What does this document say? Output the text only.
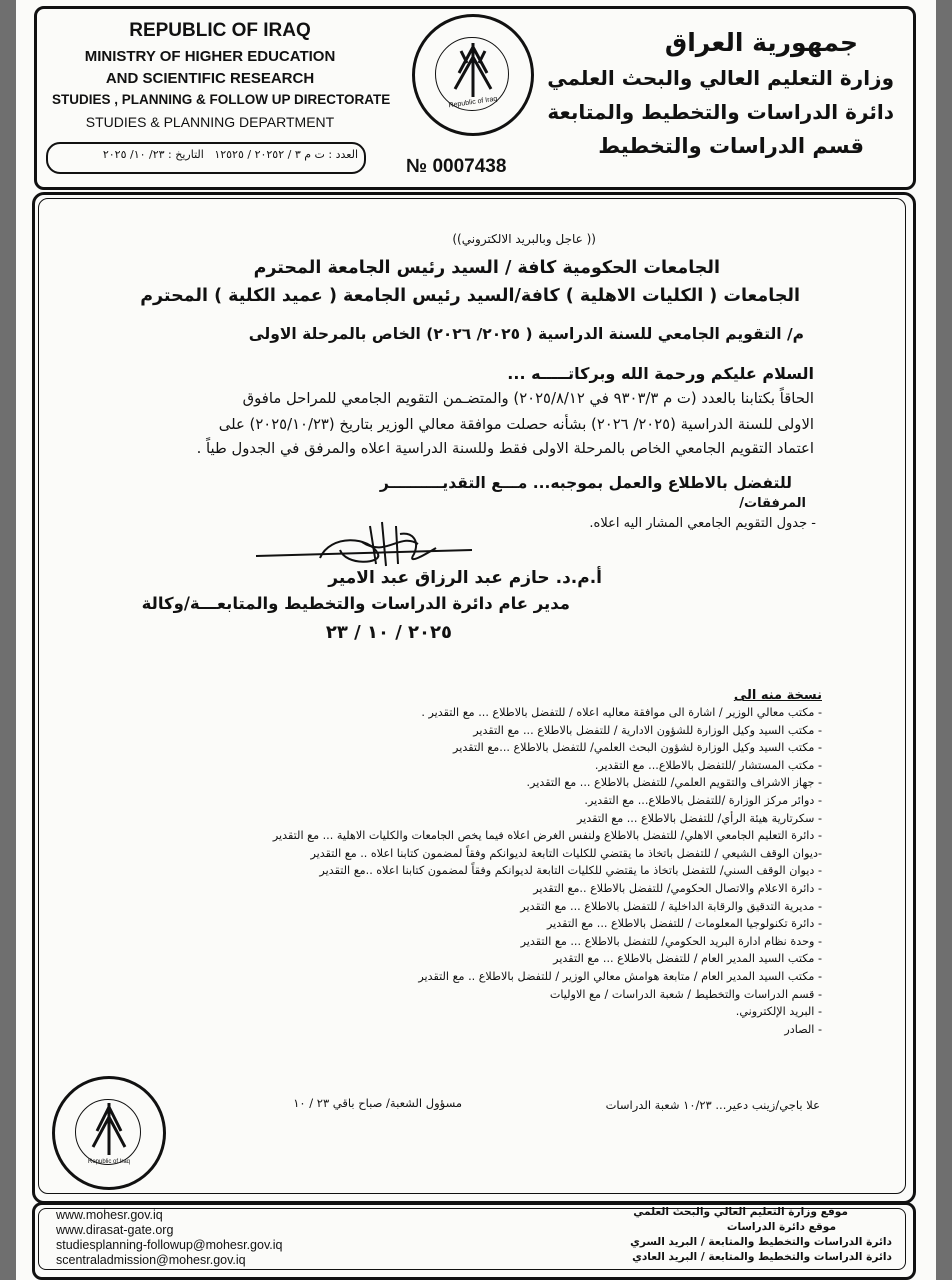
REPUBLIC OF IRAQ
MINISTRY OF HIGHER EDUCATION
AND SCIENTIFIC RESEARCH
STUDIES , PLANNING & FOLLOW UP DIRECTORATE
STUDIES & PLANNING DEPARTMENT
العدد : ت م ٣ / ٢٠٢٥٢ / ١٢٥٢٥   التاريخ : ٢٣/ ١٠/ ٢٠٢٥
Republic of Iraq
№ 0007438
جمهورية العراق
وزارة التعليم العالي والبحث العلمي
دائرة الدراسات والتخطيط والمتابعة
قسم الدراسات والتخطيط
(( عاجل وبالبريد الالكتروني))
الجامعات الحكومية كافة / السيد رئيس الجامعة المحترم
الجامعات ( الكليات الاهلية ) كافة/السيد رئيس الجامعة ( عميد الكلية ) المحترم
م/ التقويم الجامعي للسنة الدراسية ( ٢٠٢٥/ ٢٠٢٦) الخاص بالمرحلة الاولى
السلام عليكم ورحمة الله وبركاتـــــه ...
الحاقاً بكتابنا بالعدد (ت م ٩٣٠٣/٣ في ٢٠٢٥/٨/١٢) والمتضـمن التقويم الجامعي للمراحل مافوق
الاولى للسنة الدراسية (٢٠٢٥/ ٢٠٢٦) بشأنه حصلت موافقة معالي الوزير بتاريخ (٢٠٢٥/١٠/٢٣) على
اعتماد التقويم الجامعي الخاص بالمرحلة الاولى فقط وللسنة الدراسية اعلاه والمرفق في الجدول طياً .
للتفضل بالاطلاع والعمل بموجبه... مـــع التقديــــــــــر
المرفقات/
- جدول التقويم الجامعي المشار اليه اعلاه.
أ.م.د. حازم عبد الرزاق عبد الامير
مدير عام دائرة الدراسات والتخطيط والمتابعـــة/وكالة
٢٠٢٥ / ١٠ / ٢٣
نسخة منه الى
- مكتب معالي الوزير / اشارة الى موافقة معاليه اعلاه / للتفضل بالاطلاع ... مع التقدير .
- مكتب السيد وكيل الوزارة للشؤون الادارية / للتفضل بالاطلاع ... مع التقدير
- مكتب السيد وكيل الوزارة لشؤون البحث العلمي/ للتفضل بالاطلاع ...مع التقدير
- مكتب المستشار /للتفضل بالاطلاع... مع التقدير.
- جهاز الاشراف والتقويم العلمي/ للتفضل بالاطلاع ... مع التقدير.
- دوائر مركز الوزارة /للتفضل بالاطلاع... مع التقدير.
- سكرتارية هيئة الرأي/ للتفضل بالاطلاع ... مع التقدير
- دائرة التعليم الجامعي الاهلي/ للتفضل بالاطلاع ولنفس الغرض اعلاه فيما يخص الجامعات والكليات الاهلية ... مع التقدير
-ديوان الوقف الشيعي / للتفضل باتخاذ ما يقتضي للكليات التابعة لديوانكم وفقاً لمضمون كتابنا اعلاه .. مع التقدير
- ديوان الوقف السني/ للتفضل باتخاذ ما يقتضي للكليات التابعة لديوانكم وفقاً لمضمون كتابنا اعلاه ..مع التقدير
- دائرة الاعلام والاتصال الحكومي/ للتفضل بالاطلاع ..مع التقدير
- مديرية التدقيق والرقابة الداخلية / للتفضل بالاطلاع ... مع التقدير
- دائرة تكنولوجيا المعلومات / للتفضل بالاطلاع ... مع التقدير
- وحدة نظام ادارة البريد الحكومي/ للتفضل بالاطلاع ... مع التقدير
- مكتب السيد المدير العام / للتفضل بالاطلاع ... مع التقدير
- مكتب السيد المدير العام / متابعة هوامش معالي الوزير / للتفضل بالاطلاع .. مع التقدير
- قسم الدراسات والتخطيط / شعبة الدراسات / مع الاوليات
- البريد الإلكتروني.
- الصادر
Republic of Iraq
مسؤول الشعبة/ صباح باقي ٢٣ / ١٠	علا باجي/زينب دعير... ١٠/٢٣ شعبة الدراسات
www.mohesr.gov.iq
www.dirasat-gate.org
studiesplanning-followup@mohesr.gov.iq
scentraladmission@mohesr.gov.iq
موقع وزارة التعليم العالي والبحث العلمي
موقع دائرة الدراسات
دائرة الدراسات والتخطيط والمتابعة / البريد السري
دائرة الدراسات والتخطيط والمتابعة / البريد العادي
